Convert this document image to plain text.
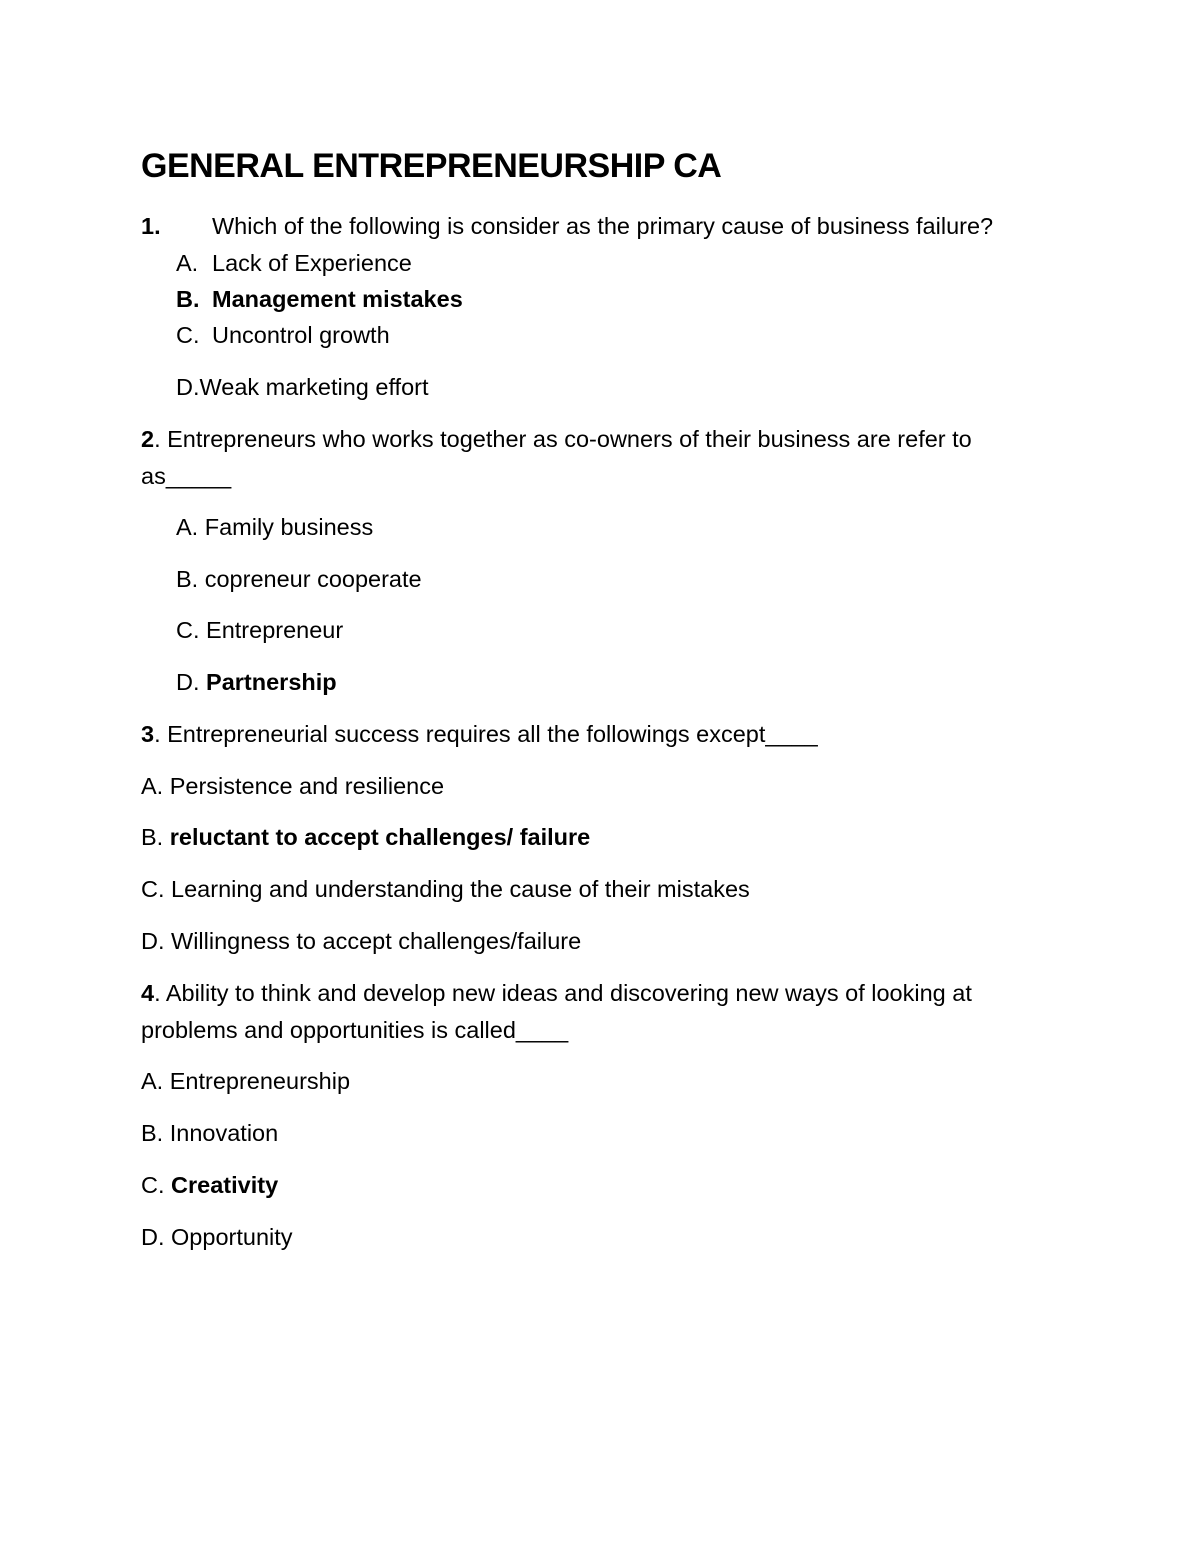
GENERAL ENTREPRENEURSHIP CA
1. Which of the following is consider as the primary cause of business failure?
A. Lack of Experience
B. Management mistakes
C. Uncontrol growth
D.Weak marketing effort
2. Entrepreneurs who works together as co-owners of their business are refer to
as_____
A. Family business
B. copreneur cooperate
C. Entrepreneur
D. Partnership
3. Entrepreneurial success requires all the followings except____
A. Persistence and resilience
B. reluctant to accept challenges/ failure
C. Learning and understanding the cause of their mistakes
D. Willingness to accept challenges/failure
4. Ability to think and develop new ideas and discovering new ways of looking at
problems and opportunities is called____
A. Entrepreneurship
B. Innovation
C. Creativity
D. Opportunity
